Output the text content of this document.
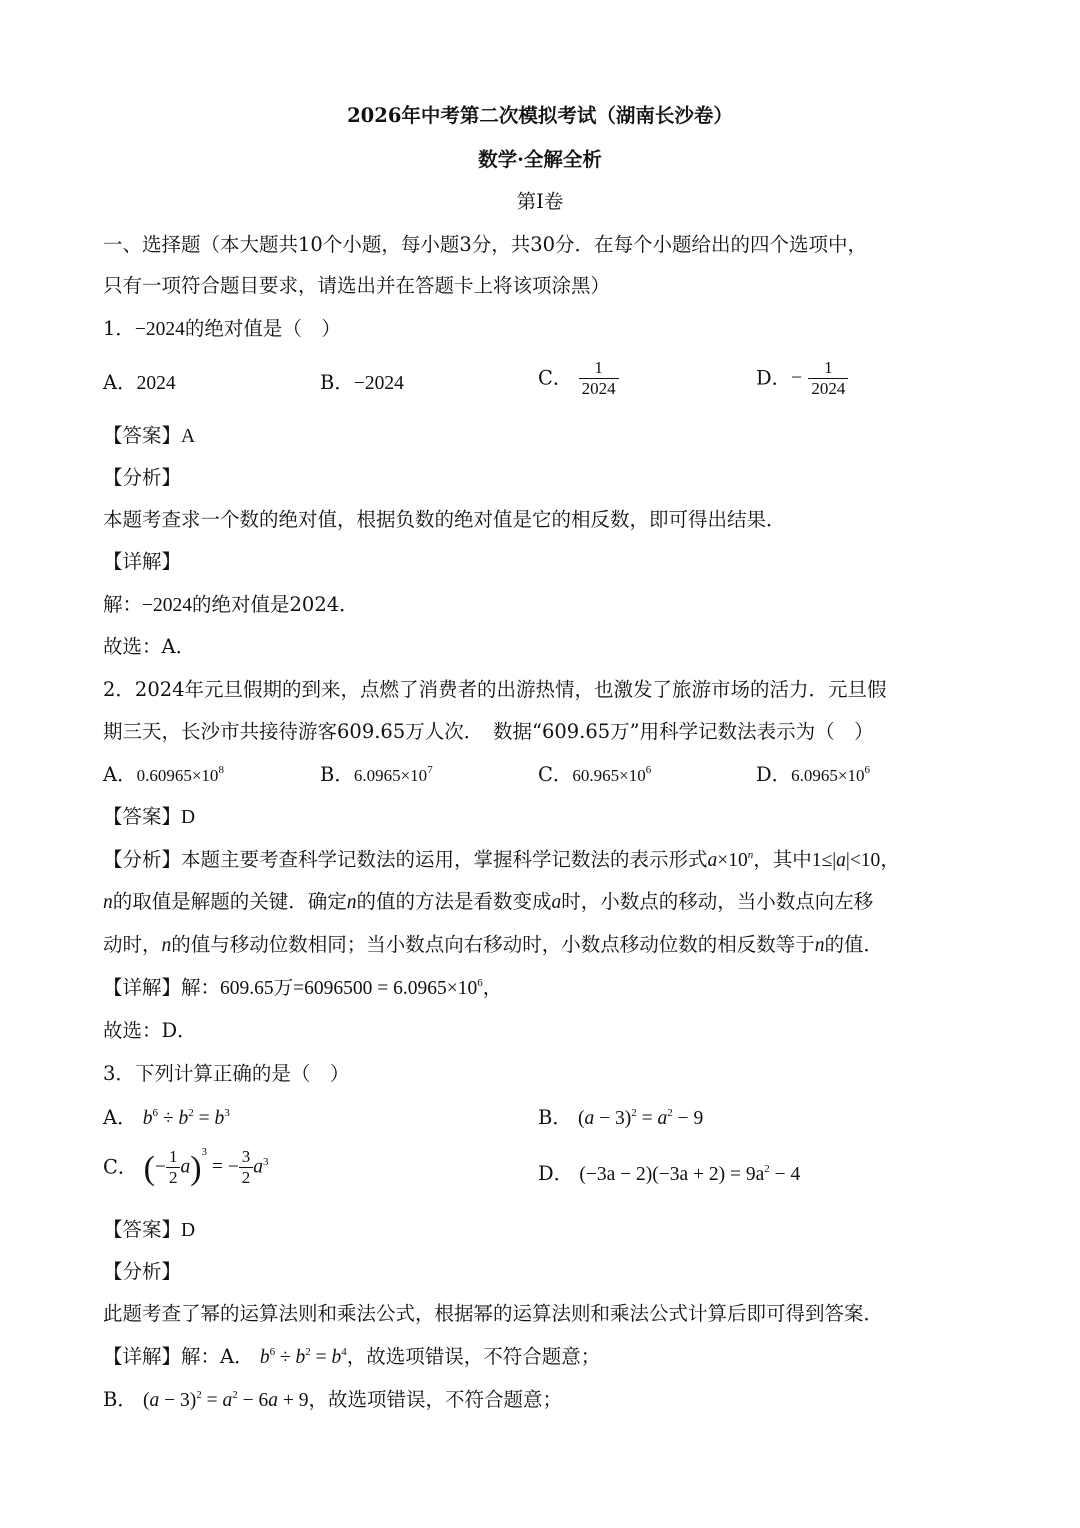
2026年中考第二次模拟考试（湖南长沙卷）
数学·全解全析
第Ⅰ卷
一、选择题（本大题共10个小题，每小题3分，共30分．在每个小题给出的四个选项中，
只有一项符合题目要求，请选出并在答题卡上将该项涂黑）
1．−2024的绝对值是（　）
A．2024	B．−2024	C． $\frac{1}{2024}$	D．− $\frac{1}{2024}$
【答案】A
【分析】
本题考查求一个数的绝对值，根据负数的绝对值是它的相反数，即可得出结果．
【详解】
解：−2024的绝对值是2024．
故选：A．
2．2024年元旦假期的到来，点燃了消费者的出游热情，也激发了旅游市场的活力．元旦假
期三天，长沙市共接待游客609.65万人次．　数据“609.65万”用科学记数法表示为（　）
A．$0.60965\times 10^8$	B．$6.0965\times 10^7$	C．$60.965\times 10^6$	D．$6.0965\times 10^6$
【答案】D
【分析】本题主要考查科学记数法的运用，掌握科学记数法的表示形式$a\times 10^n$，其中1≤|a|<10，
n的取值是解题的关键．确定n的值的方法是看数变成a时，小数点的移动，当小数点向左移
动时，n的值与移动位数相同；当小数点向右移动时，小数点移动位数的相反数等于n的值．
【详解】解：609.65万$=6096500 = 6.0965\times 10^6$，
故选：D．
3．下列计算正确的是（　）
A． $b^6 \div b^2 = b^3$	B． $(a - 3)^2 = a^2 - 9$
C． (− $\frac{1}{2} a)^3$ = − $\frac{3}{2} a^3$	D． $(-3a - 2)(-3a + 2) = 9a^2 - 4$
【答案】D
【分析】
此题考查了幂的运算法则和乘法公式，根据幂的运算法则和乘法公式计算后即可得到答案．
【详解】解：A． $b^6 \div b^2 = b^4$，故选项错误，不符合题意；
B． $(a - 3)^2 = a^2 - 6a + 9$，故选项错误，不符合题意；
